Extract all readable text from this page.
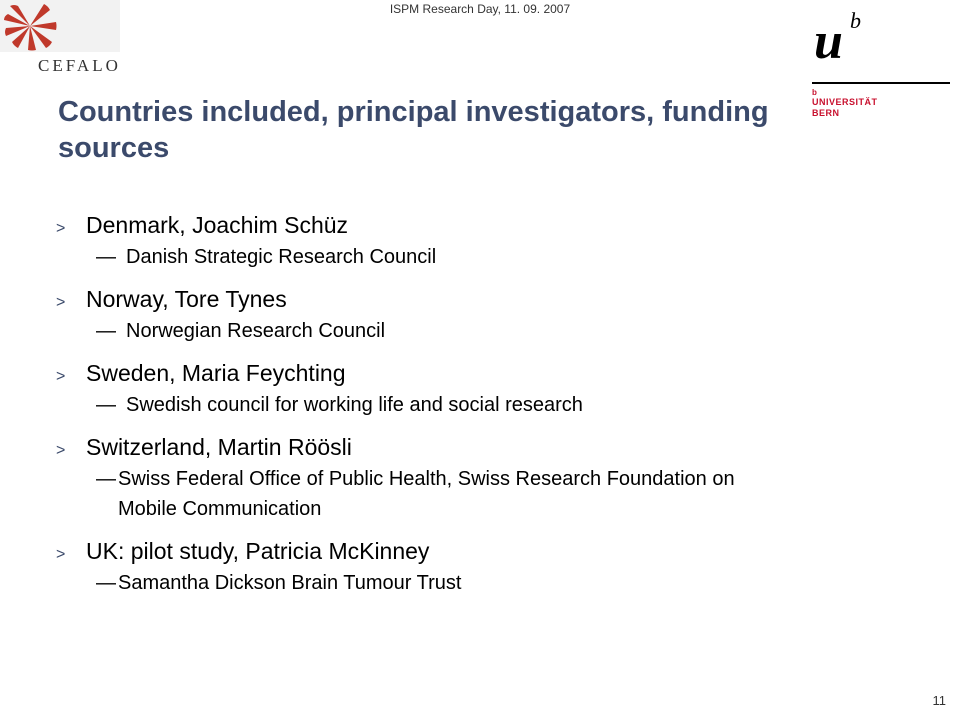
ISPM Research Day, 11. 09. 2007
CEFALO	u b
b
UNIVERSITÄT
BERN
Countries included, principal investigators, funding sources
> Denmark, Joachim Schüz
— Danish Strategic Research Council
> Norway, Tore Tynes
— Norwegian Research Council
> Sweden, Maria Feychting
— Swedish council for working life and social research
> Switzerland, Martin Röösli
— Swiss Federal Office of Public Health, Swiss Research Foundation on Mobile Communication
> UK: pilot study, Patricia McKinney
— Samantha Dickson Brain Tumour Trust
11
